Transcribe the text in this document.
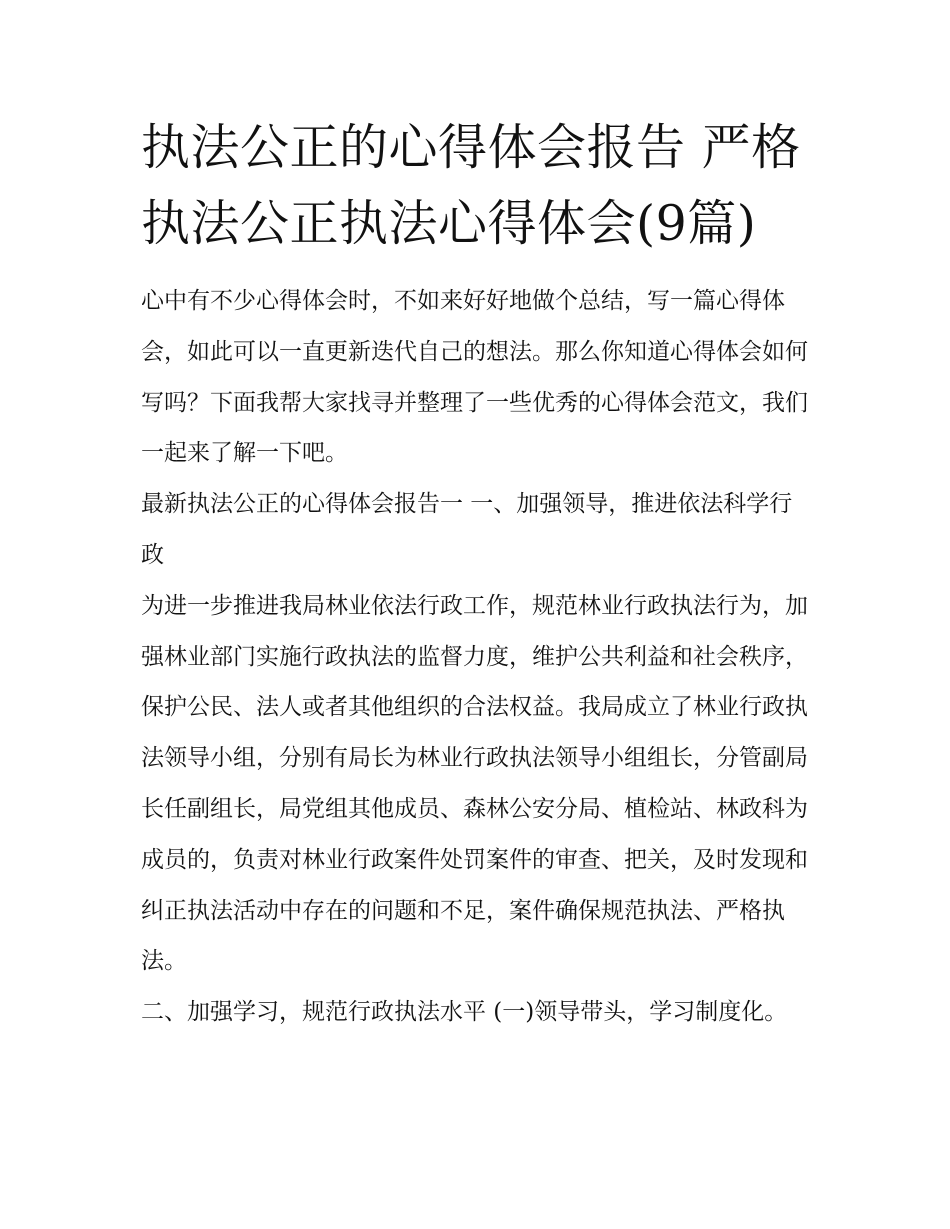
执法公正的心得体会报告 严格
执法公正执法心得体会(9篇)

心中有不少心得体会时，不如来好好地做个总结，写一篇心得体会，如此可以一直更新迭代自己的想法。那么你知道心得体会如何写吗？下面我帮大家找寻并整理了一些优秀的心得体会范文，我们一起来了解一下吧。

最新执法公正的心得体会报告一 一、加强领导，推进依法科学行政

为进一步推进我局林业依法行政工作，规范林业行政执法行为，加强林业部门实施行政执法的监督力度，维护公共利益和社会秩序，保护公民、法人或者其他组织的合法权益。我局成立了林业行政执法领导小组，分别有局长为林业行政执法领导小组组长，分管副局长任副组长，局党组其他成员、森林公安分局、植检站、林政科为成员的，负责对林业行政案件处罚案件的审查、把关，及时发现和纠正执法活动中存在的问题和不足，案件确保规范执法、严格执法。

二、加强学习，规范行政执法水平 (一)领导带头，学习制度化。
